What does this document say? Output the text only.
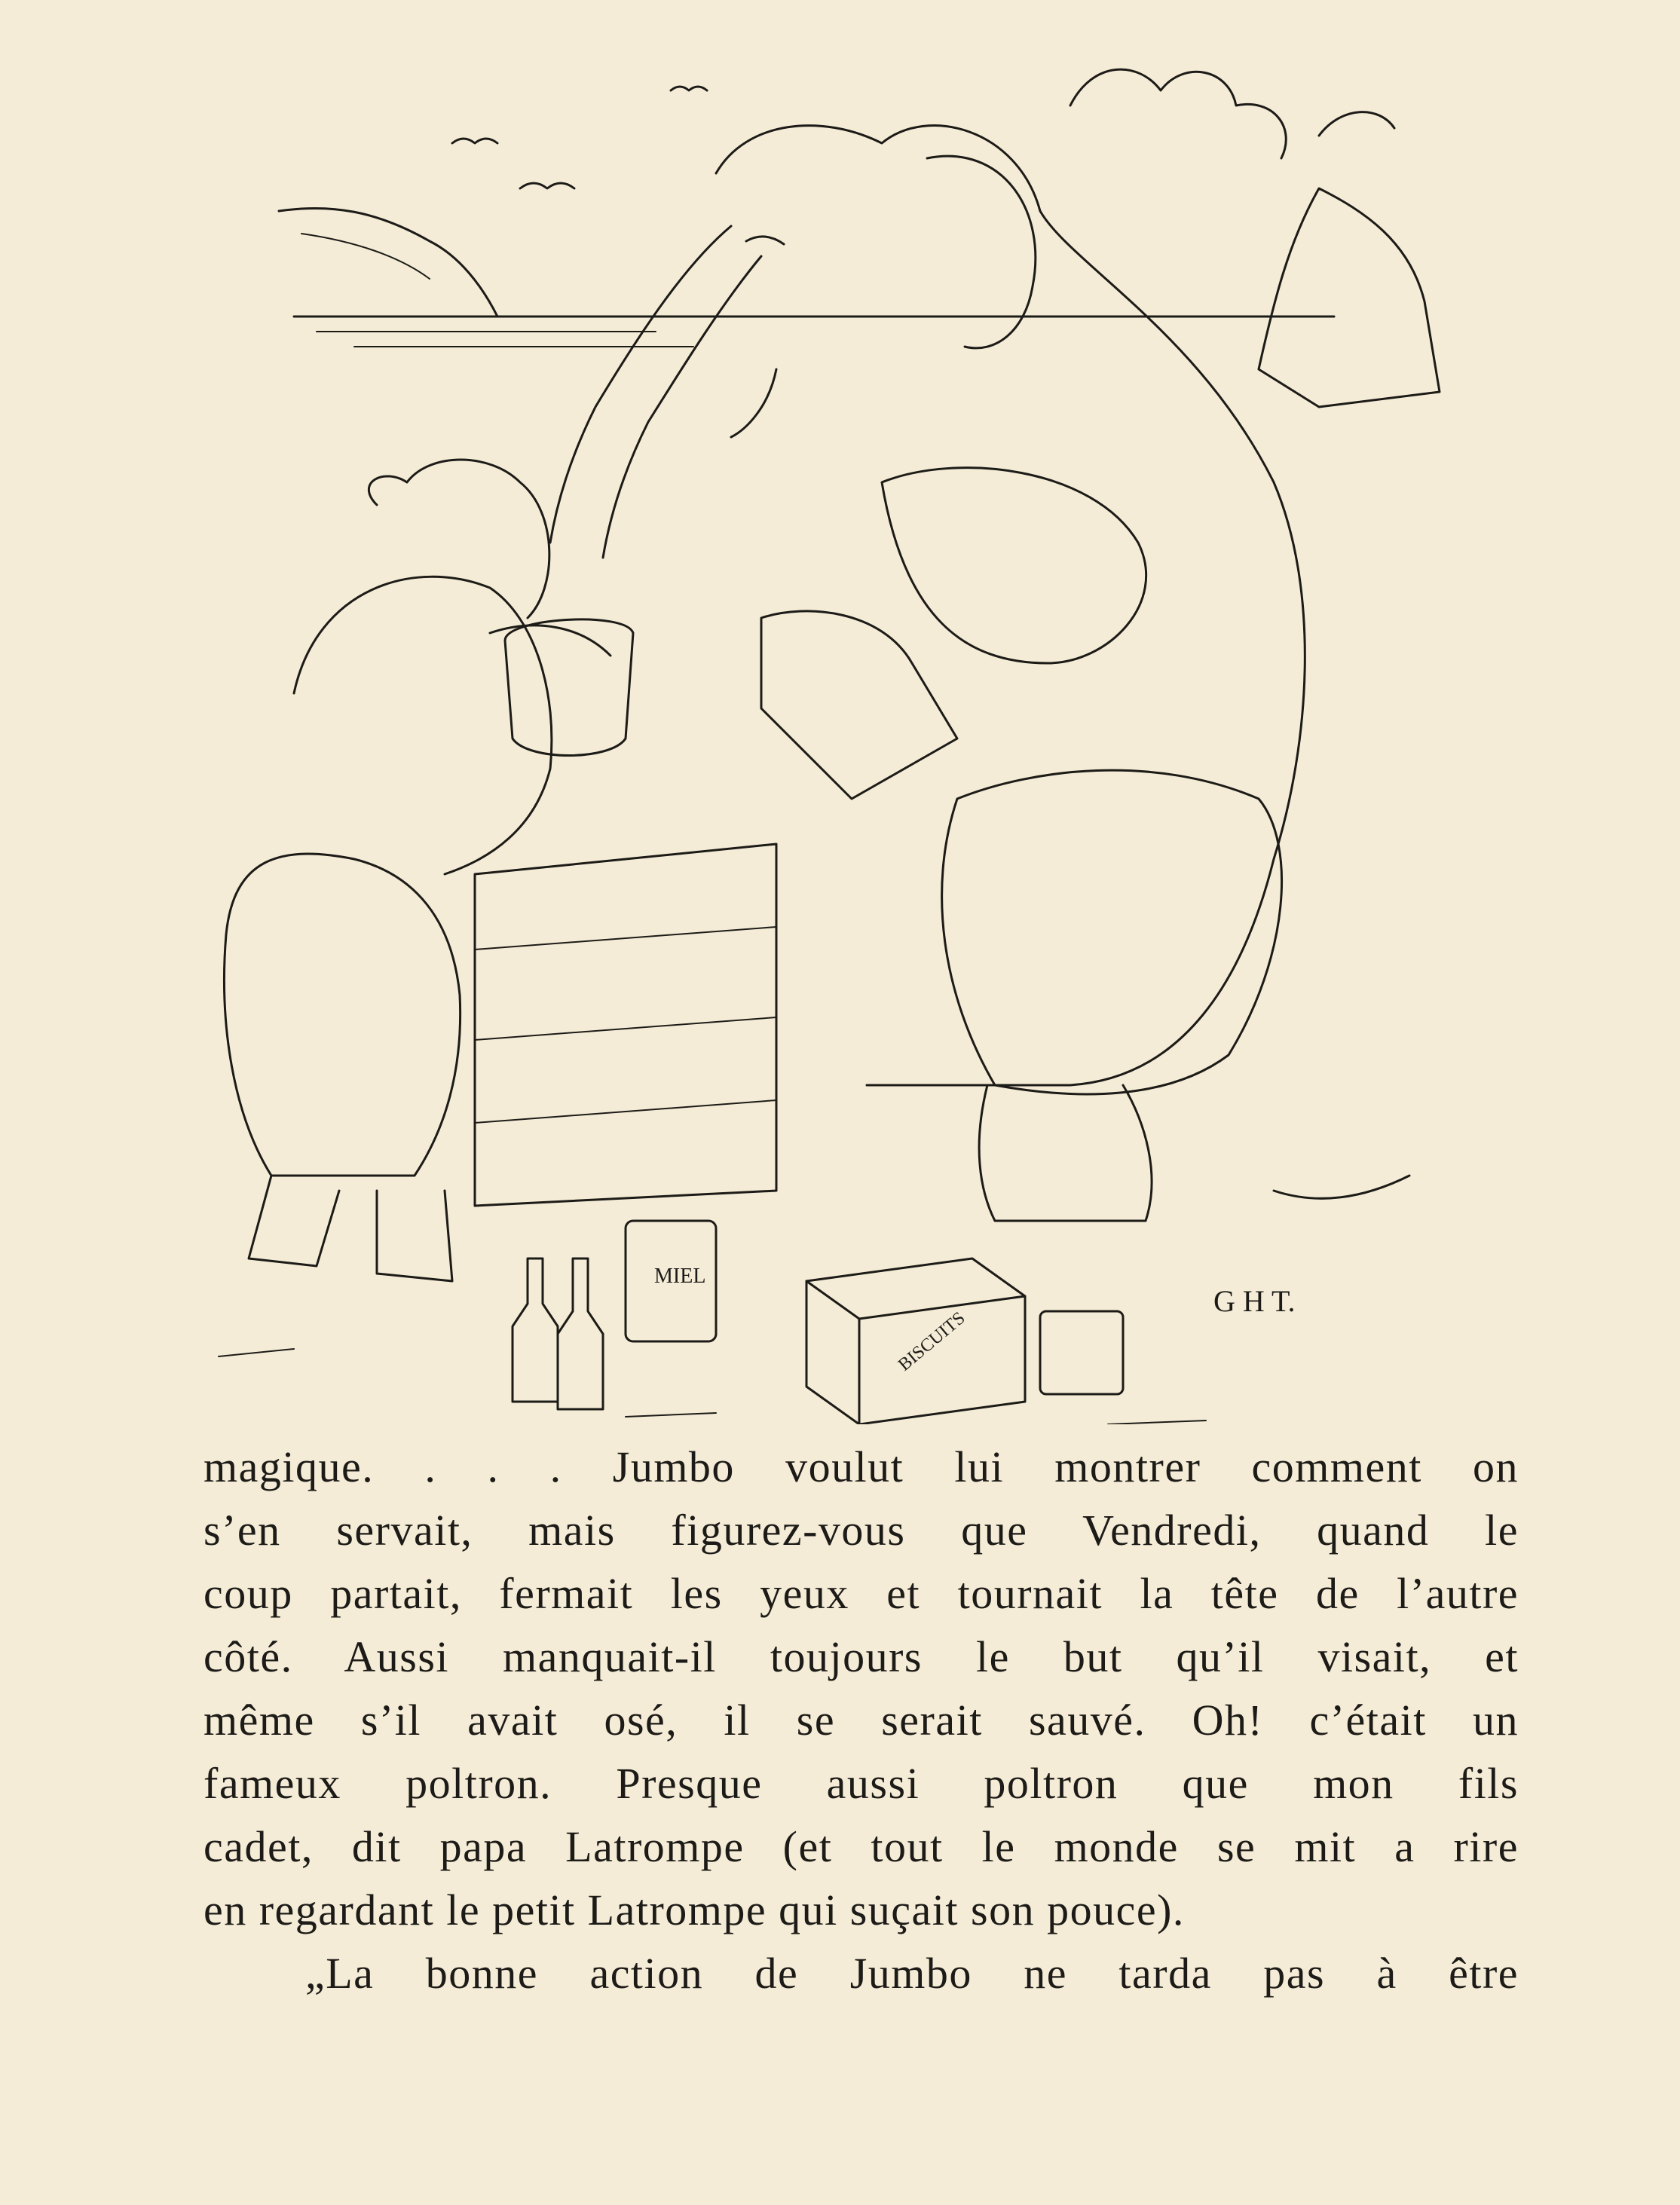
MIEL
BISCUITS
G H T.
magique. . . . Jumbo voulut lui montrer comment on
s’en servait, mais figurez-vous que Vendredi, quand le
coup partait, fermait les yeux et tournait la tête de l’autre
côté. Aussi manquait-il toujours le but qu’il visait, et
même s’il avait osé, il se serait sauvé. Oh! c’était un
fameux poltron. Presque aussi poltron que mon fils
cadet, dit papa Latrompe (et tout le monde se mit a rire
en regardant le petit Latrompe qui suçait son pouce).
„La bonne action de Jumbo ne tarda pas à être
